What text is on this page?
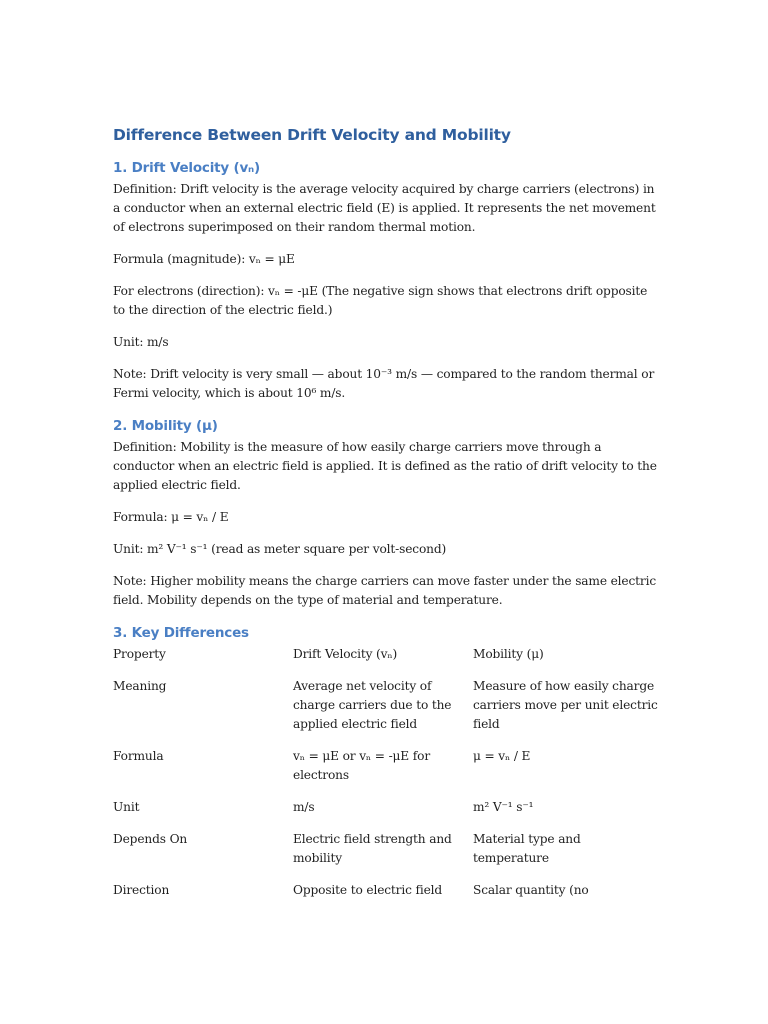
Difference Between Drift Velocity and Mobility
1. Drift Velocity (vₙ)

Definition: Drift velocity is the average velocity acquired by charge carriers (electrons) in a conductor when an external electric field (E) is applied. It represents the net movement of electrons superimposed on their random thermal motion.

Formula (magnitude): vₙ = μE

For electrons (direction): vₙ = -μE (The negative sign shows that electrons drift opposite to the direction of the electric field.)

Unit: m/s

Note: Drift velocity is very small — about 10⁻³ m/s — compared to the random thermal or Fermi velocity, which is about 10⁶ m/s.

2. Mobility (μ)

Definition: Mobility is the measure of how easily charge carriers move through a conductor when an electric field is applied. It is defined as the ratio of drift velocity to the applied electric field.

Formula: μ = vₙ / E

Unit: m² V⁻¹ s⁻¹ (read as meter square per volt-second)

Note: Higher mobility means the charge carriers can move faster under the same electric field. Mobility depends on the type of material and temperature.

3. Key Differences
Property	Drift Velocity (vₙ)	Mobility (μ)
Meaning	Average net velocity of charge carriers due to the applied electric field	Measure of how easily charge carriers move per unit electric field
Formula	vₙ = μE or vₙ = -μE for electrons	μ = vₙ / E
Unit	m/s	m² V⁻¹ s⁻¹
Depends On	Electric field strength and mobility	Material type and temperature
Direction	Opposite to electric field	Scalar quantity (no
